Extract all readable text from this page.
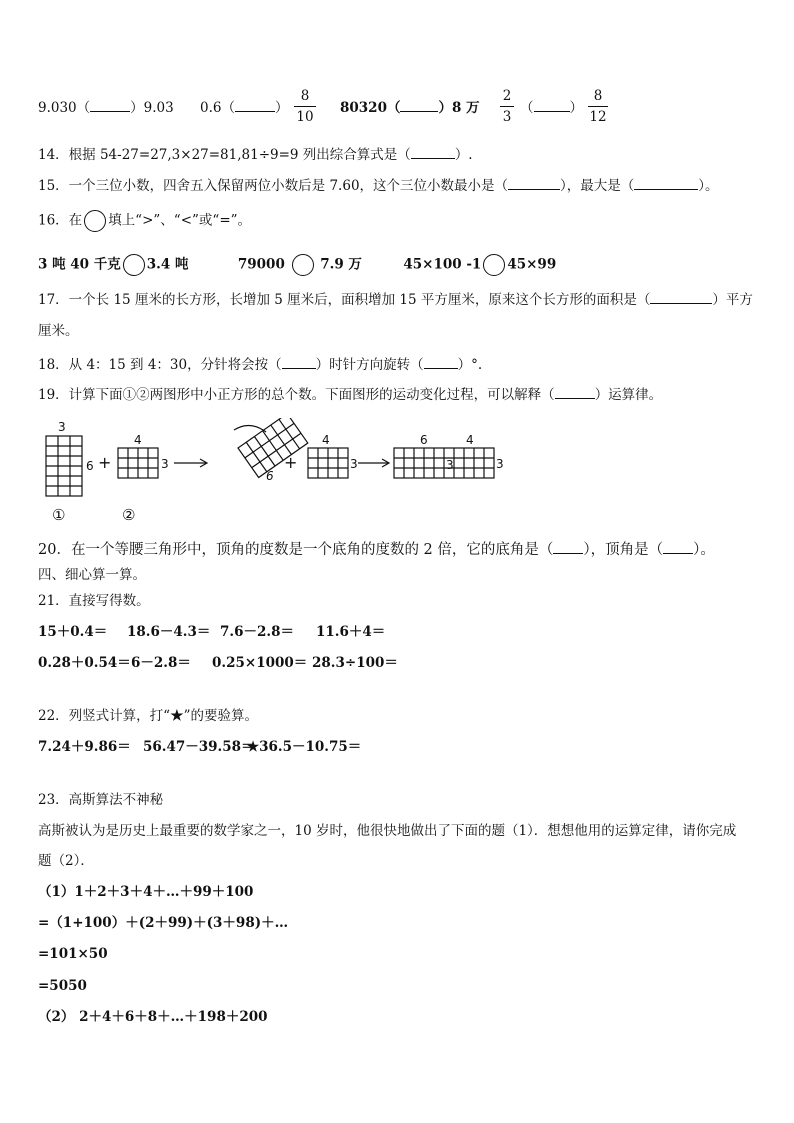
9.030（	）9.03 0.6（	）
8
10
80320（	）8 万
2
3
（	）
8
12
14．根据 54-27=27,3×27=81,81÷9=9 列出综合算式是（	）.
15．一个三位小数，四舍五入保留两位小数后是 7.60，这个三位小数最小是（	），最大是（	）。
16．在 填上“>”、“<”或“=”。
3 吨 40 千克 3.4 吨	79000	7.9 万	45×100 -1 45×99
17．一个长 15 厘米的长方形，长增加 5 厘米后，面积增加 15 平方厘米，原来这个长方形的面积是（	）平方
厘米。
18．从 4：15 到 4：30，分针将会按（	）时针方向旋转（	）°.
19．计算下面①②两图形中小正方形的总个数。下面图形的运动变化过程，可以解释（	）运算律。
3
6 +
4
3
6
+
4
3
6	4
3	3
①	②
20．在一个等腰三角形中，顶角的度数是一个底角的度数的 2 倍，它的底角是（ ），顶角是（ ）。
四、细心算一算。
21．直接写得数。
15＋0.4＝ 18.6－4.3＝ 7.6－2.8＝ 11.6＋4＝
0.28＋0.54＝ 6－2.8＝ 0.25×1000＝ 28.3÷100＝
22．列竖式计算，打“★”的要验算。
7.24＋9.86＝ 56.47－39.58＝
★36.5－10.75＝
23．高斯算法不神秘
高斯被认为是历史上最重要的数学家之一，10 岁时，他很快地做出了下面的题（1）．想想他用的运算定律，请你完成
题（2）．
（1）1＋2＋3＋4＋…＋99＋100
=（1+100）＋(2＋99)＋(3＋98)＋…
=101×50
=5050
（2） 2＋4＋6＋8＋…＋198＋200
